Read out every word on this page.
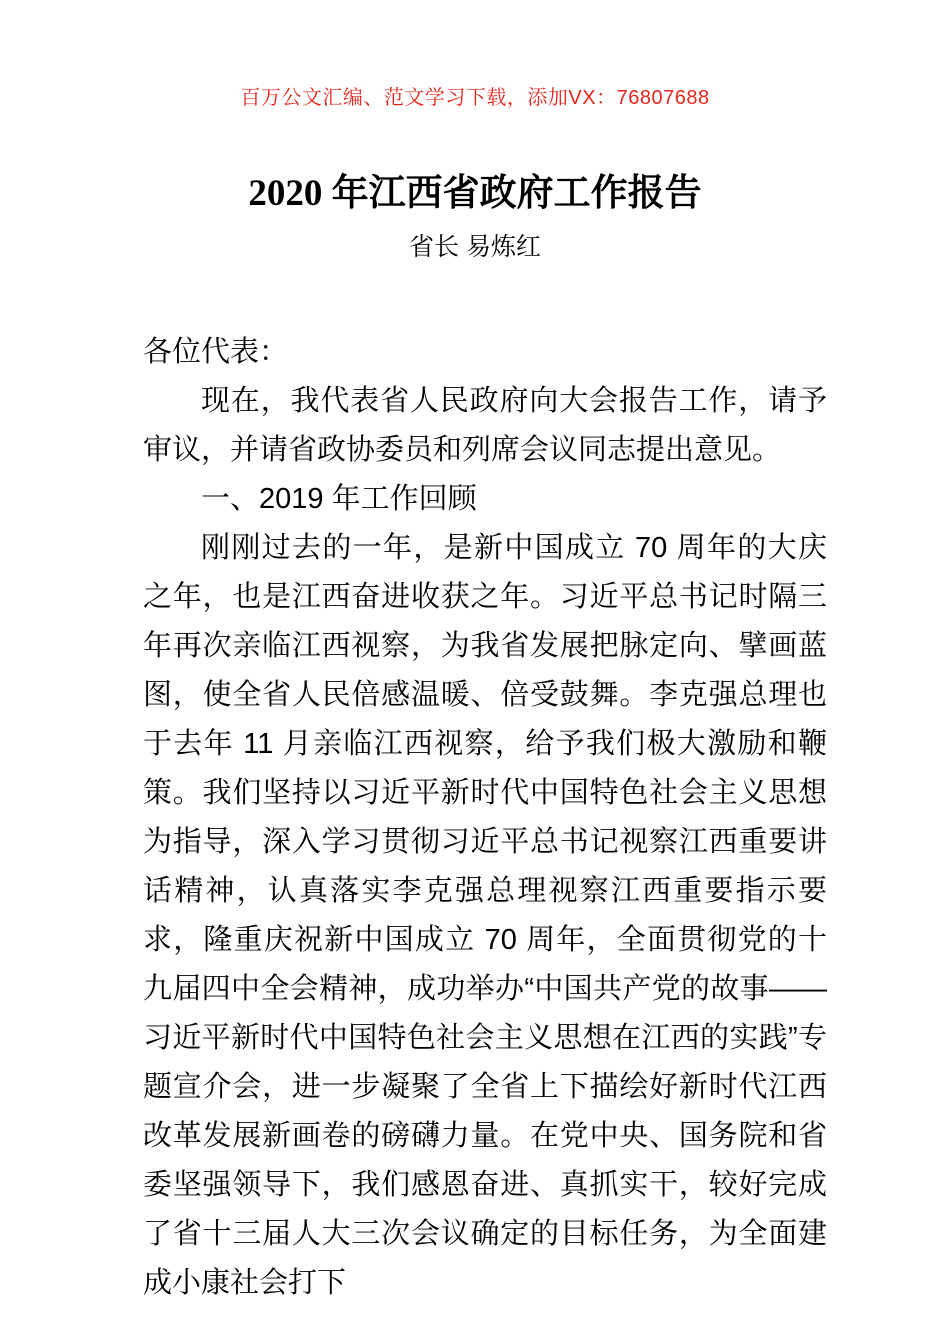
百万公文汇编、范文学习下载，添加VX：76807688
2020 年江西省政府工作报告
省长 易炼红

各位代表：

现在，我代表省人民政府向大会报告工作，请予审议，并请省政协委员和列席会议同志提出意见。

一、2019 年工作回顾

刚刚过去的一年，是新中国成立 70 周年的大庆之年，也是江西奋进收获之年。习近平总书记时隔三年再次亲临江西视察，为我省发展把脉定向、擘画蓝图，使全省人民倍感温暖、倍受鼓舞。李克强总理也于去年 11 月亲临江西视察，给予我们极大激励和鞭策。我们坚持以习近平新时代中国特色社会主义思想为指导，深入学习贯彻习近平总书记视察江西重要讲话精神，认真落实李克强总理视察江西重要指示要求，隆重庆祝新中国成立 70 周年，全面贯彻党的十九届四中全会精神，成功举办“中国共产党的故事——习近平新时代中国特色社会主义思想在江西的实践”专题宣介会，进一步凝聚了全省上下描绘好新时代江西改革发展新画卷的磅礴力量。在党中央、国务院和省委坚强领导下，我们感恩奋进、真抓实干，较好完成了省十三届人大三次会议确定的目标任务，为全面建成小康社会打下
